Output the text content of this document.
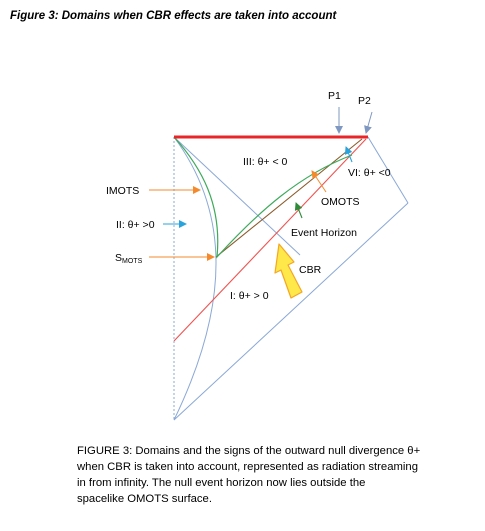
Figure 3: Domains when CBR effects are taken into account
P1 P2
III: θ+ < 0
VI: θ+ <0
OMOTS
Event Horizon
CBR
I: θ+ > 0
IMOTS
II: θ+ >0
SMOTS

FIGURE 3: Domains and the signs of the outward null divergence θ+

when CBR is taken into account, represented as radiation streaming

in from infinity. The null event horizon now lies outside the

spacelike OMOTS surface.
